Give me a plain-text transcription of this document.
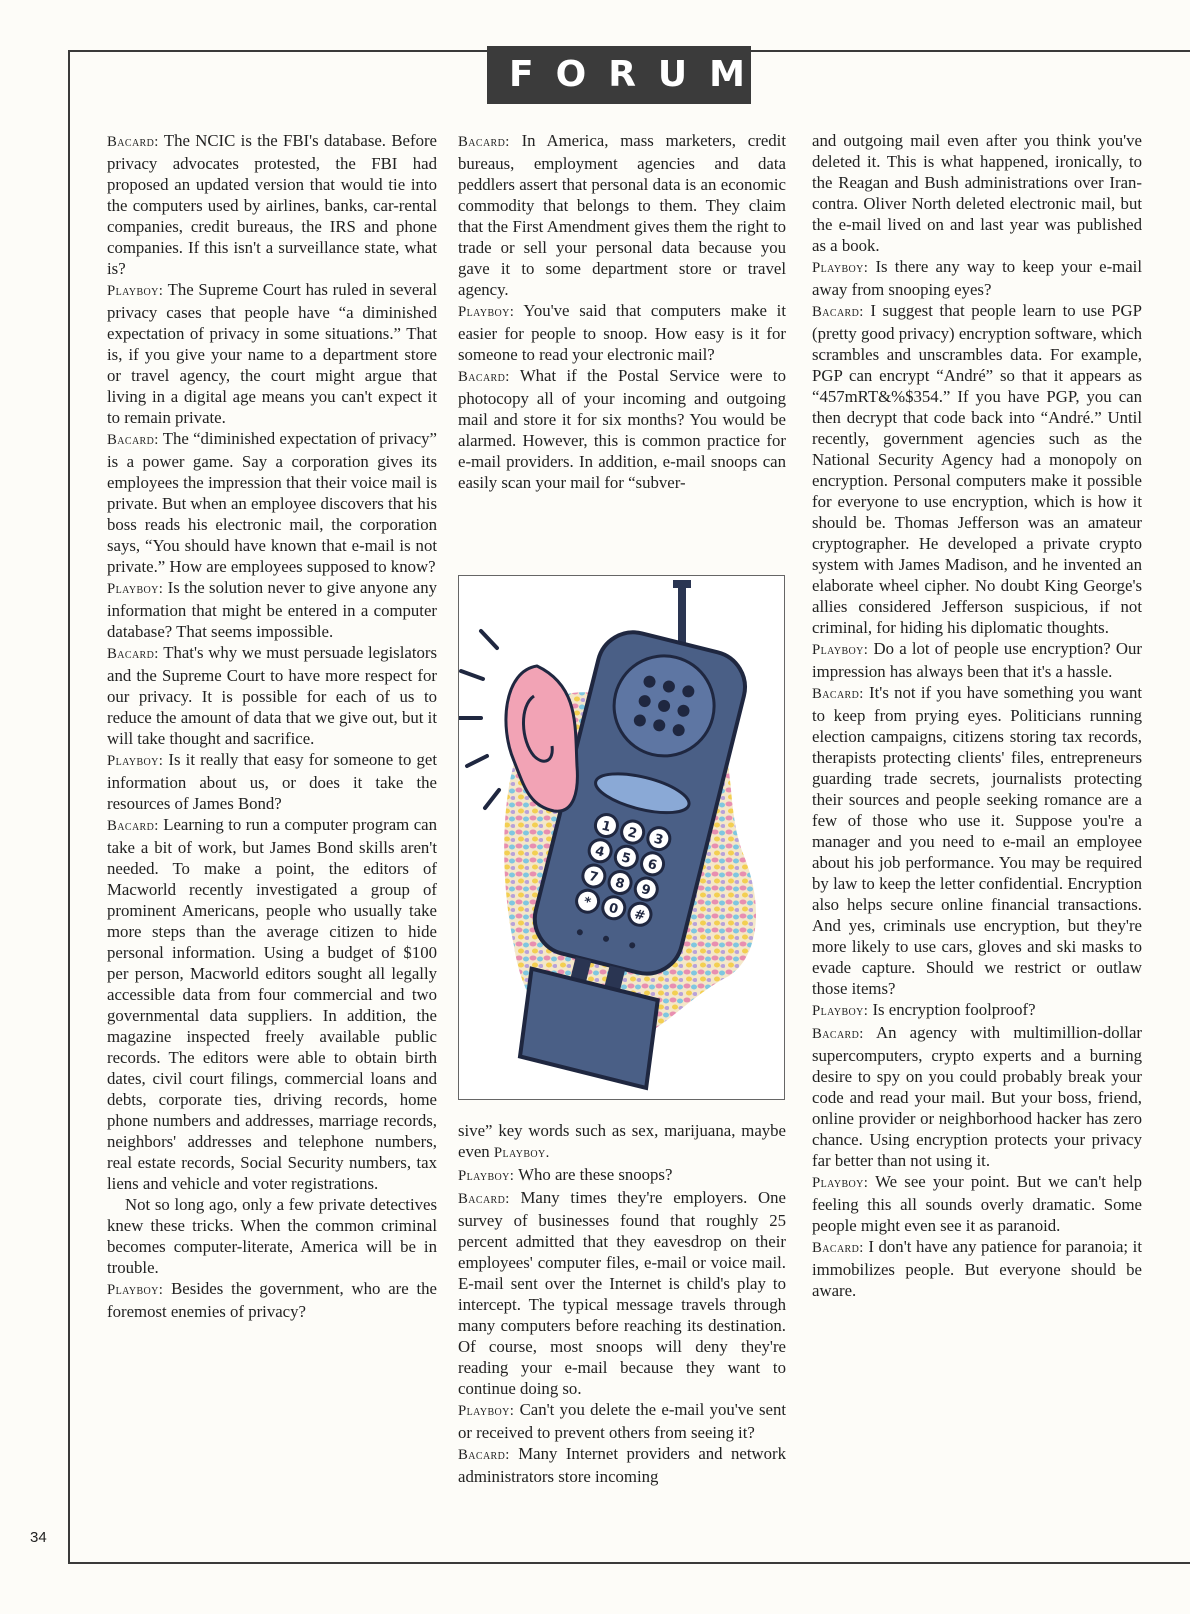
FORUM

Bacard: The NCIC is the FBI's database. Before privacy advocates protested, the FBI had proposed an updated version that would tie into the computers used by airlines, banks, car-rental companies, credit bureaus, the IRS and phone companies. If this isn't a surveillance state, what is?

Playboy: The Supreme Court has ruled in several privacy cases that people have “a diminished expectation of privacy in some situations.” That is, if you give your name to a department store or travel agency, the court might argue that living in a digital age means you can't expect it to remain private.

Bacard: The “diminished expectation of privacy” is a power game. Say a corporation gives its employees the impression that their voice mail is private. But when an employee discovers that his boss reads his electronic mail, the corporation says, “You should have known that e-mail is not private.” How are employees supposed to know?

Playboy: Is the solution never to give anyone any information that might be entered in a computer database? That seems impossible.

Bacard: That's why we must persuade legislators and the Supreme Court to have more respect for our privacy. It is possible for each of us to reduce the amount of data that we give out, but it will take thought and sacrifice.

Playboy: Is it really that easy for someone to get information about us, or does it take the resources of James Bond?

Bacard: Learning to run a computer program can take a bit of work, but James Bond skills aren't needed. To make a point, the editors of Macworld recently investigated a group of prominent Americans, people who usually take more steps than the average citizen to hide personal information. Using a budget of $100 per person, Macworld editors sought all legally accessible data from four commercial and two governmental data suppliers. In addition, the magazine inspected freely available public records. The editors were able to obtain birth dates, civil court filings, commercial loans and debts, corporate ties, driving records, home phone numbers and addresses, marriage records, neighbors' addresses and telephone numbers, real estate records, Social Security numbers, tax liens and vehicle and voter registrations.

Not so long ago, only a few private detectives knew these tricks. When the common criminal becomes computer-literate, America will be in trouble.

Playboy: Besides the government, who are the foremost enemies of privacy?

Bacard: In America, mass marketers, credit bureaus, employment agencies and data peddlers assert that personal data is an economic commodity that belongs to them. They claim that the First Amendment gives them the right to trade or sell your personal data because you gave it to some department store or travel agency.

Playboy: You've said that computers make it easier for people to snoop. How easy is it for someone to read your electronic mail?

Bacard: What if the Postal Service were to photocopy all of your incoming and outgoing mail and store it for six months? You would be alarmed. However, this is common practice for e-mail providers. In addition, e-mail snoops can easily scan your mail for “subver-

1 2 3
4 5 6
7 8 9
* 0 #

sive” key words such as sex, marijuana, maybe even Playboy.

Playboy: Who are these snoops?

Bacard: Many times they're employers. One survey of businesses found that roughly 25 percent admitted that they eavesdrop on their employees' computer files, e-mail or voice mail. E-mail sent over the Internet is child's play to intercept. The typical message travels through many computers before reaching its destination. Of course, most snoops will deny they're reading your e-mail because they want to continue doing so.

Playboy: Can't you delete the e-mail you've sent or received to prevent others from seeing it?

Bacard: Many Internet providers and network administrators store incoming

and outgoing mail even after you think you've deleted it. This is what happened, ironically, to the Reagan and Bush administrations over Iran-contra. Oliver North deleted electronic mail, but the e-mail lived on and last year was published as a book.

Playboy: Is there any way to keep your e-mail away from snooping eyes?

Bacard: I suggest that people learn to use PGP (pretty good privacy) encryption software, which scrambles and unscrambles data. For example, PGP can encrypt “André” so that it appears as “457mRT&%$354.” If you have PGP, you can then decrypt that code back into “André.” Until recently, government agencies such as the National Security Agency had a monopoly on encryption. Personal computers make it possible for everyone to use encryption, which is how it should be. Thomas Jefferson was an amateur cryptographer. He developed a private crypto system with James Madison, and he invented an elaborate wheel cipher. No doubt King George's allies considered Jefferson suspicious, if not criminal, for hiding his diplomatic thoughts.

Playboy: Do a lot of people use encryption? Our impression has always been that it's a hassle.

Bacard: It's not if you have something you want to keep from prying eyes. Politicians running election campaigns, citizens storing tax records, therapists protecting clients' files, entrepreneurs guarding trade secrets, journalists protecting their sources and people seeking romance are a few of those who use it. Suppose you're a manager and you need to e-mail an employee about his job performance. You may be required by law to keep the letter confidential. Encryption also helps secure online financial transactions. And yes, criminals use encryption, but they're more likely to use cars, gloves and ski masks to evade capture. Should we restrict or outlaw those items?

Playboy: Is encryption foolproof?

Bacard: An agency with multimillion-dollar supercomputers, crypto experts and a burning desire to spy on you could probably break your code and read your mail. But your boss, friend, online provider or neighborhood hacker has zero chance. Using encryption protects your privacy far better than not using it.

Playboy: We see your point. But we can't help feeling this all sounds overly dramatic. Some people might even see it as paranoid.

Bacard: I don't have any patience for paranoia; it immobilizes people. But everyone should be aware.

34
